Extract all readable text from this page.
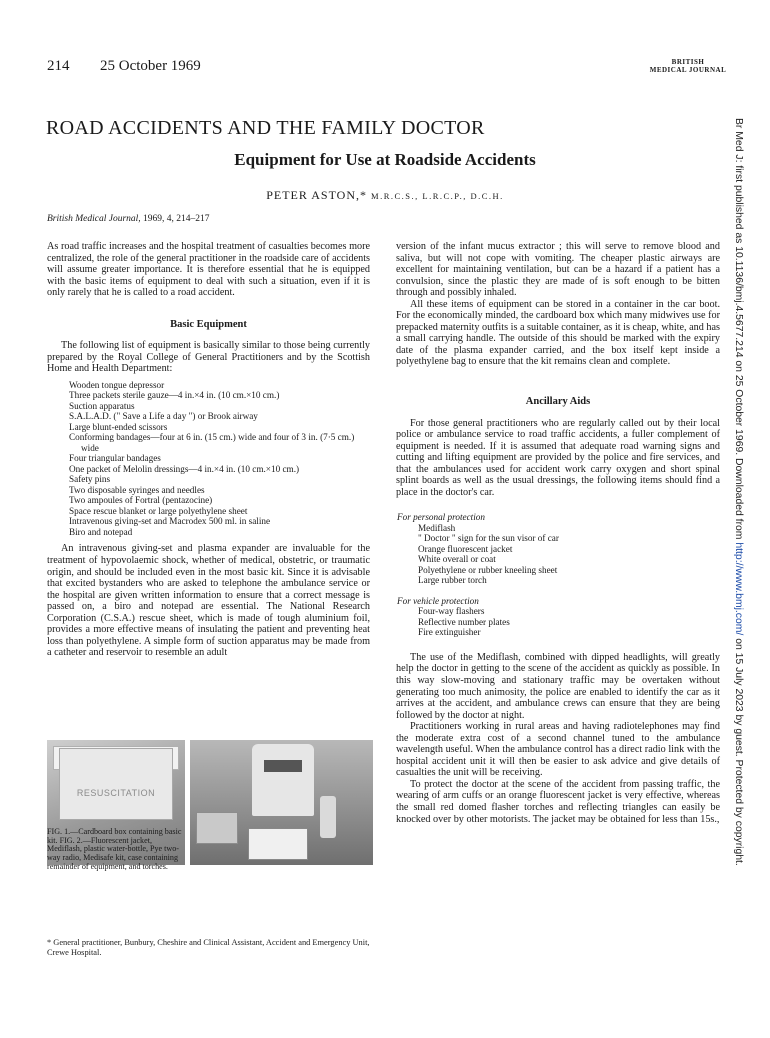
214 25 October 1969	BRITISH
MEDICAL JOURNAL
ROAD ACCIDENTS AND THE FAMILY DOCTOR
Equipment for Use at Roadside Accidents
PETER ASTON,* M.R.C.S., L.R.C.P., D.C.H.
British Medical Journal, 1969, 4, 214–217

As road traffic increases and the hospital treatment of casualties becomes more centralized, the role of the general practitioner in the roadside care of accidents will assume greater importance. It is therefore essential that he is equipped with the basic items of equipment to deal with such a situation, even if it is only rarely that he is called to a road accident.

Basic Equipment

The following list of equipment is basically similar to those being currently prepared by the Royal College of General Practitioners and by the Scottish Home and Health Department:

Wooden tongue depressor
Three packets sterile gauze—4 in.×4 in. (10 cm.×10 cm.)
Suction apparatus
S.A.L.A.D. (" Save a Life a day ") or Brook airway
Large blunt-ended scissors
Conforming bandages—four at 6 in. (15 cm.) wide and four of 3 in. (7·5 cm.) wide
Four triangular bandages
One packet of Melolin dressings—4 in.×4 in. (10 cm.×10 cm.)
Safety pins
Two disposable syringes and needles
Two ampoules of Fortral (pentazocine)
Space rescue blanket or large polyethylene sheet
Intravenous giving-set and Macrodex 500 ml. in saline
Biro and notepad

An intravenous giving-set and plasma expander are invaluable for the treatment of hypovolaemic shock, whether of medical, obstetric, or traumatic origin, and should be included even in the most basic kit. Since it is advisable that excited bystanders who are asked to telephone the ambulance service or the hospital are given written information to ensure that a correct message is passed on, a biro and notepad are essential. The National Research Corporation (C.S.A.) rescue sheet, which is made of tough aluminium foil, provides a more effective means of insulating the patient and preventing heat loss than polyethylene. A simple form of suction apparatus may be made from a catheter and reservoir to resemble an adult

RESUSCITATION
FIG. 1.—Cardboard box containing basic kit. FIG. 2.—Fluorescent jacket, Mediflash, plastic water-bottle, Pye two-way radio, Medisafe kit, case containing remainder of equipment, and torches.
* General practitioner, Bunbury, Cheshire and Clinical Assistant, Accident and Emergency Unit, Crewe Hospital.

version of the infant mucus extractor ; this will serve to remove blood and saliva, but will not cope with vomiting. The cheaper plastic airways are excellent for maintaining ventilation, but can be a hazard if a patient has a convulsion, since the plastic they are made of is soft enough to be bitten through and possibly inhaled.

All these items of equipment can be stored in a container in the car boot. For the economically minded, the cardboard box which many midwives use for prepacked maternity outfits is a suitable container, as it is cheap, white, and has a small carrying handle. The outside of this should be marked with the expiry date of the plasma expander carried, and the box itself kept inside a polyethylene bag to ensure that the kit remains clean and complete.

Ancillary Aids

For those general practitioners who are regularly called out by their local police or ambulance service to road traffic accidents, a fuller complement of equipment is needed. If it is assumed that adequate road warning signs and cutting and lifting equipment are provided by the police and fire services, and that the ambulances used for accident work carry oxygen and short spinal splint boards as well as the usual dressings, the following items should find a place in the doctor's car.

For personal protection
Mediflash
" Doctor " sign for the sun visor of car
Orange fluorescent jacket
White overall or coat
Polyethylene or rubber kneeling sheet
Large rubber torch
For vehicle protection
Four-way flashers
Reflective number plates
Fire extinguisher

The use of the Mediflash, combined with dipped headlights, will greatly help the doctor in getting to the scene of the accident as quickly as possible. In this way slow-moving and stationary traffic may be overtaken without generating too much animosity, the police are enabled to identify the car as it arrives at the accident, and ambulance crews can ensure that they are being followed by the doctor at night.

Practitioners working in rural areas and having radiotelephones may find the moderate extra cost of a second channel tuned to the ambulance wavelength useful. When the ambulance control has a direct radio link with the hospital accident unit it will then be easier to ask advice and give details of casualties the unit will be receiving.

To protect the doctor at the scene of the accident from passing traffic, the wearing of arm cuffs or an orange fluorescent jacket is very effective, whereas the small red domed flasher torches and reflecting triangles can easily be knocked over by other motorists. The jacket may be obtained for less than 15s.,

Br Med J: first published as 10.1136/bmj.4.5677.214 on 25 October 1969. Downloaded from http://www.bmj.com/ on 15 July 2023 by guest. Protected by copyright.
